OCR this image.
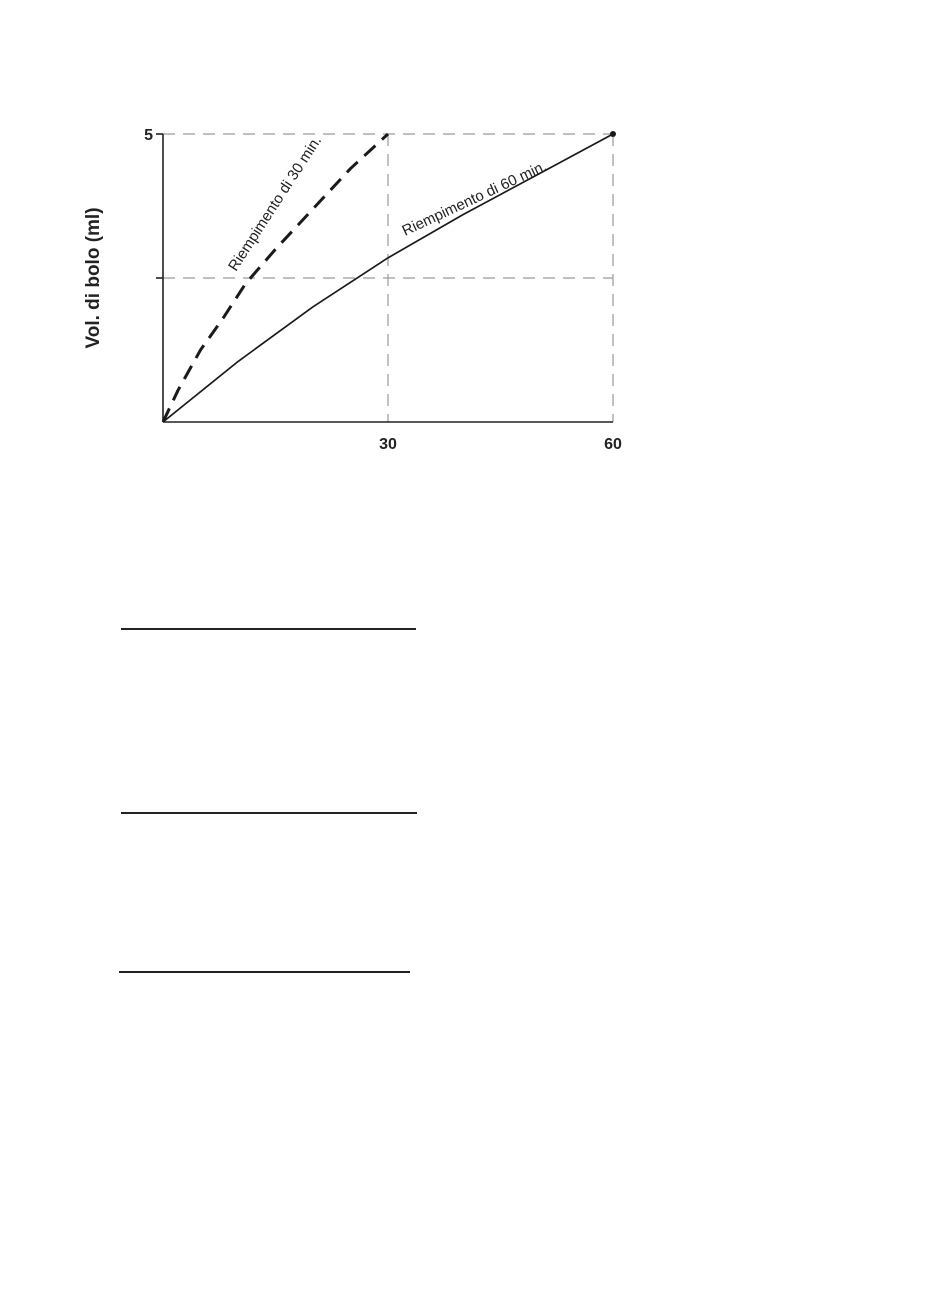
Vol. di bolo (ml)
5
30	60
Riempimento di 30 min.	Riempimento di 60 min.
